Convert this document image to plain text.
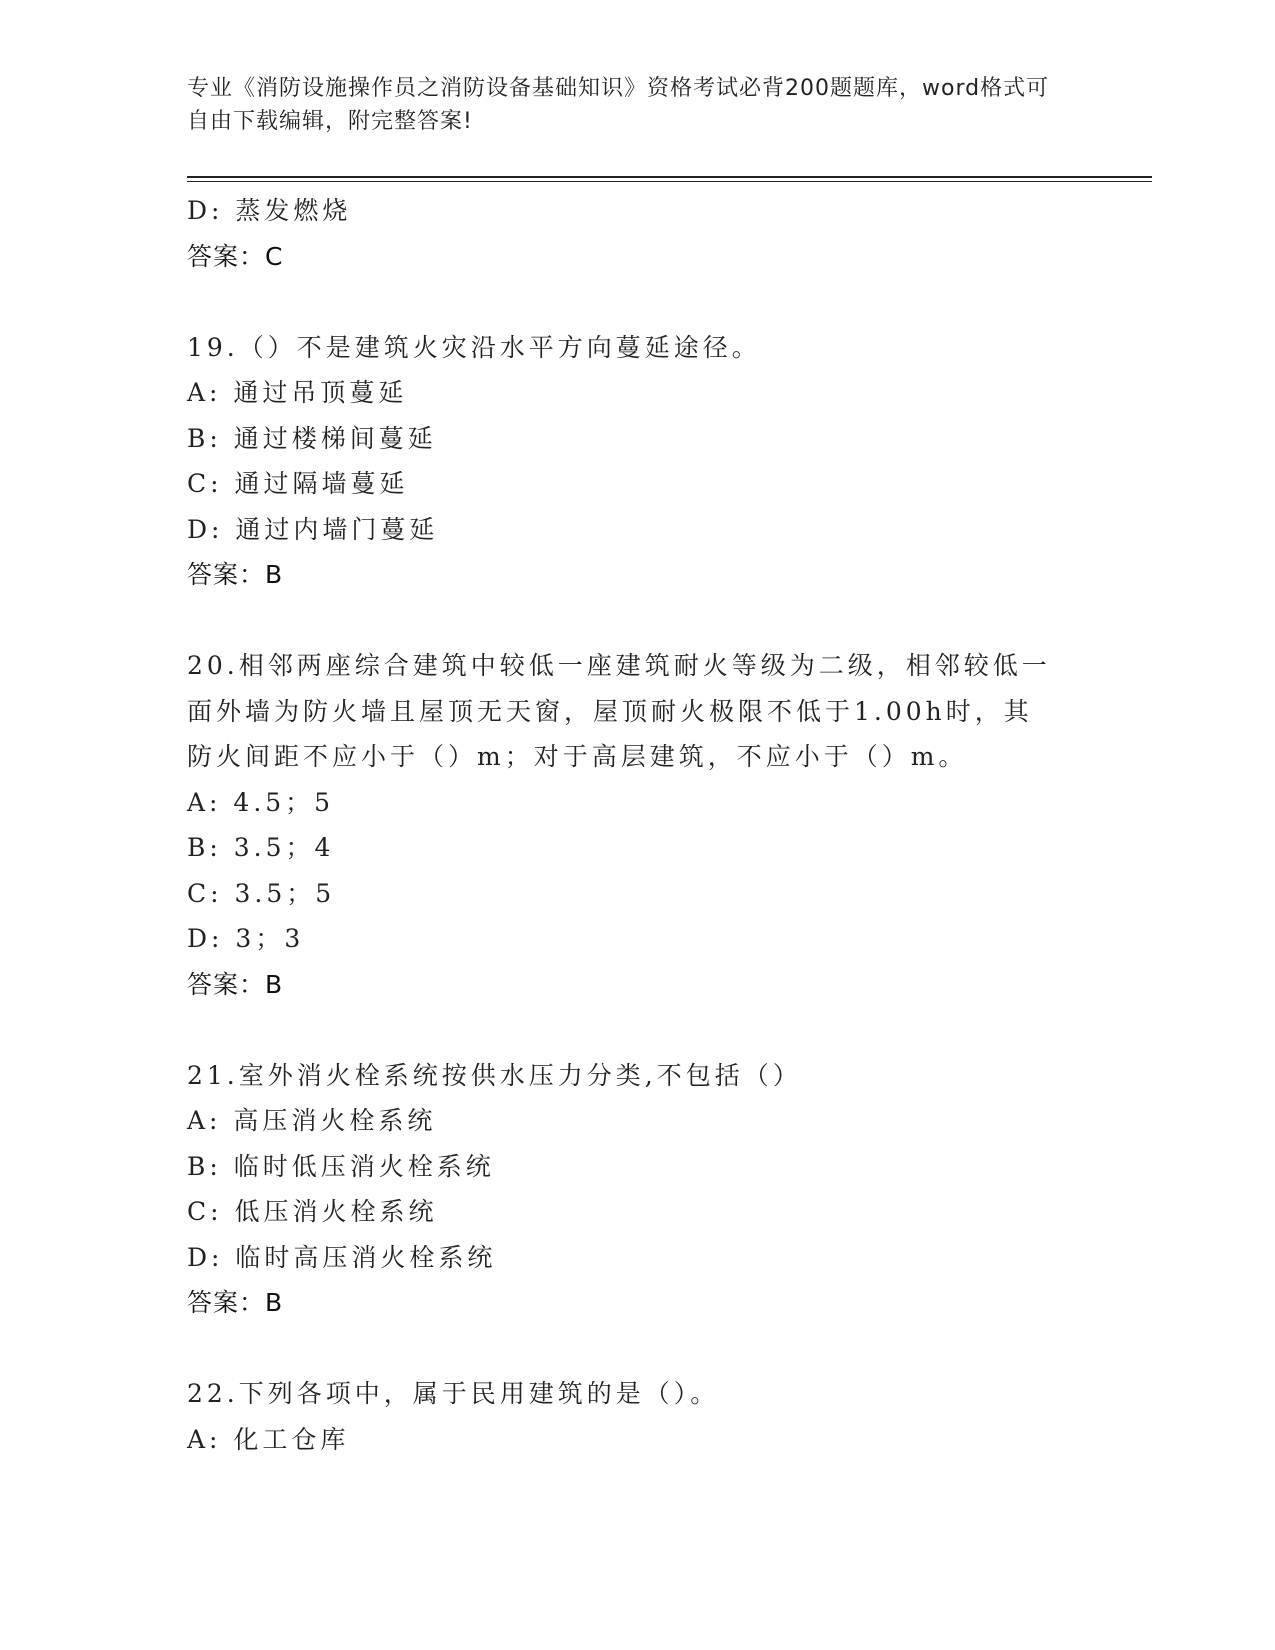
专业《消防设施操作员之消防设备基础知识》资格考试必背200题题库，word格式可自由下载编辑，附完整答案!
D: 蒸发燃烧
答案：C
19.（）不是建筑火灾沿水平方向蔓延途径。
A: 通过吊顶蔓延
B: 通过楼梯间蔓延
C: 通过隔墙蔓延
D: 通过内墙门蔓延
答案：B
20.相邻两座综合建筑中较低一座建筑耐火等级为二级，相邻较低一面外墙为防火墙且屋顶无天窗，屋顶耐火极限不低于1.00h时，其防火间距不应小于（）m；对于高层建筑，不应小于（）m。
A: 4.5；5
B: 3.5；4
C: 3.5；5
D: 3；3
答案：B
21.室外消火栓系统按供水压力分类,不包括（）
A: 高压消火栓系统
B: 临时低压消火栓系统
C: 低压消火栓系统
D: 临时高压消火栓系统
答案：B
22.下列各项中，属于民用建筑的是（）。
A: 化工仓库
